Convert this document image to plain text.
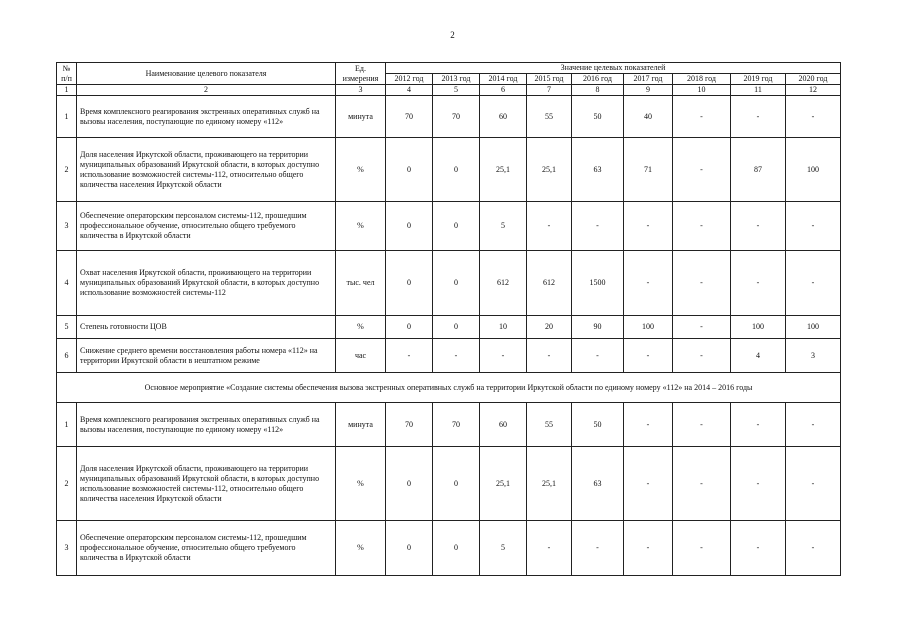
2
№ п/п	Наименование целевого показателя	Ед. измерения	Значение целевых показателей								
			2012 год	2013 год	2014 год	2015 год	2016 год	2017 год	2018 год	2019 год	2020 год
1	2	3	4	5	6	7	8	9	10	11	12
1	Время комплексного реагирования экстренных оперативных служб на вызовы населения, поступающие по единому номеру «112»	минута	70	70	60	55	50	40	-	-	-
2	Доля населения Иркутской области, проживающего на территории муниципальных образований Иркутской области, в которых доступно использование возможностей системы-112, относительно общего количества населения Иркутской области	%	0	0	25,1	25,1	63	71	-	87	100
3	Обеспечение операторским персоналом системы-112, прошедшим профессиональное обучение, относительно общего требуемого количества в Иркутской области	%	0	0	5	-	-	-	-	-	-
4	Охват населения Иркутской области, проживающего на территории муниципальных образований Иркутской области, в которых доступно использование возможностей системы-112	тыс. чел	0	0	612	612	1500	-	-	-	-
5	Степень готовности ЦОВ	%	0	0	10	20	90	100	-	100	100
6	Снижение среднего времени восстановления работы номера «112» на территории Иркутской области в нештатном режиме	час	-	-	-	-	-	-	-	4	3
Основное мероприятие «Создание системы обеспечения вызова экстренных оперативных служб на территории Иркутской области по единому номеру «112» на 2014 – 2016 годы											
1	Время комплексного реагирования экстренных оперативных служб на вызовы населения, поступающие по единому номеру «112»	минута	70	70	60	55	50	-	-	-	-
2	Доля населения Иркутской области, проживающего на территории муниципальных образований Иркутской области, в которых доступно использование возможностей системы-112, относительно общего количества населения Иркутской области	%	0	0	25,1	25,1	63	-	-	-	-
3	Обеспечение операторским персоналом системы-112, прошедшим профессиональное обучение, относительно общего требуемого количества в Иркутской области	%	0	0	5	-	-	-	-	-	-
